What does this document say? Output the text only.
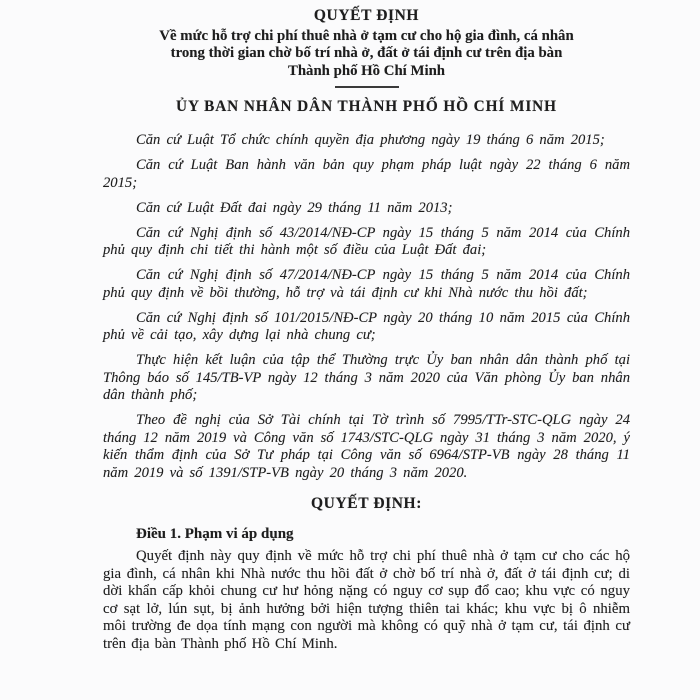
QUYẾT ĐỊNH
Về mức hỗ trợ chi phí thuê nhà ở tạm cư cho hộ gia đình, cá nhân
trong thời gian chờ bố trí nhà ở, đất ở tái định cư trên địa bàn
Thành phố Hồ Chí Minh
ỦY BAN NHÂN DÂN THÀNH PHỐ HỒ CHÍ MINH

Căn cứ Luật Tổ chức chính quyền địa phương ngày 19 tháng 6 năm 2015;

Căn cứ Luật Ban hành văn bản quy phạm pháp luật ngày 22 tháng 6 năm 2015;

Căn cứ Luật Đất đai ngày 29 tháng 11 năm 2013;

Căn cứ Nghị định số 43/2014/NĐ-CP ngày 15 tháng 5 năm 2014 của Chính phủ quy định chi tiết thi hành một số điều của Luật Đất đai;

Căn cứ Nghị định số 47/2014/NĐ-CP ngày 15 tháng 5 năm 2014 của Chính phủ quy định về bồi thường, hỗ trợ và tái định cư khi Nhà nước thu hồi đất;

Căn cứ Nghị định số 101/2015/NĐ-CP ngày 20 tháng 10 năm 2015 của Chính phủ về cải tạo, xây dựng lại nhà chung cư;

Thực hiện kết luận của tập thể Thường trực Ủy ban nhân dân thành phố tại Thông báo số 145/TB-VP ngày 12 tháng 3 năm 2020 của Văn phòng Ủy ban nhân dân thành phố;

Theo đề nghị của Sở Tài chính tại Tờ trình số 7995/TTr-STC-QLG ngày 24 tháng 12 năm 2019 và Công văn số 1743/STC-QLG ngày 31 tháng 3 năm 2020, ý kiến thẩm định của Sở Tư pháp tại Công văn số 6964/STP-VB ngày 28 tháng 11 năm 2019 và số 1391/STP-VB ngày 20 tháng 3 năm 2020.

QUYẾT ĐỊNH:
Điều 1. Phạm vi áp dụng
Quyết định này quy định về mức hỗ trợ chi phí thuê nhà ở tạm cư cho các hộ gia đình, cá nhân khi Nhà nước thu hồi đất ở chờ bố trí nhà ở, đất ở tái định cư; di dời khẩn cấp khỏi chung cư hư hỏng nặng có nguy cơ sụp đổ cao; khu vực có nguy cơ sạt lở, lún sụt, bị ảnh hưởng bởi hiện tượng thiên tai khác; khu vực bị ô nhiễm môi trường đe dọa tính mạng con người mà không có quỹ nhà ở tạm cư, tái định cư trên địa bàn Thành phố Hồ Chí Minh.
